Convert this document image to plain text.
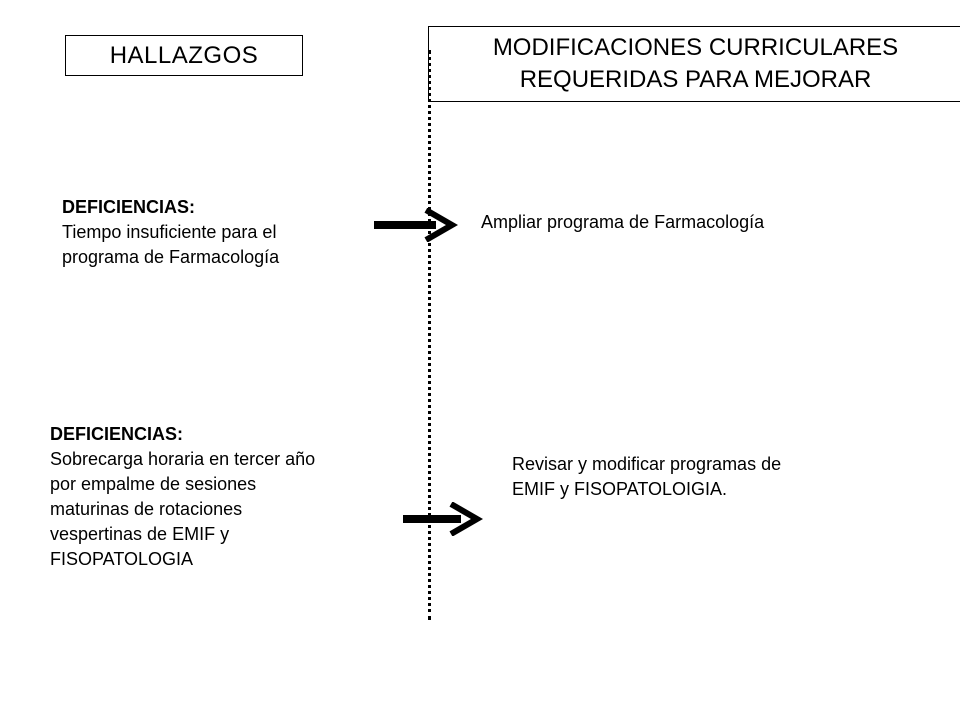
HALLAZGOS	MODIFICACIONES CURRICULARES
REQUERIDAS PARA MEJORAR
DEFICIENCIAS:
Tiempo insuficiente para el
programa de Farmacología
Ampliar programa de Farmacología
DEFICIENCIAS:
Sobrecarga horaria en tercer año
por empalme de sesiones
maturinas de rotaciones
vespertinas de EMIF y
FISOPATOLOGIA
Revisar y modificar programas de
EMIF y FISOPATOLOIGIA.
